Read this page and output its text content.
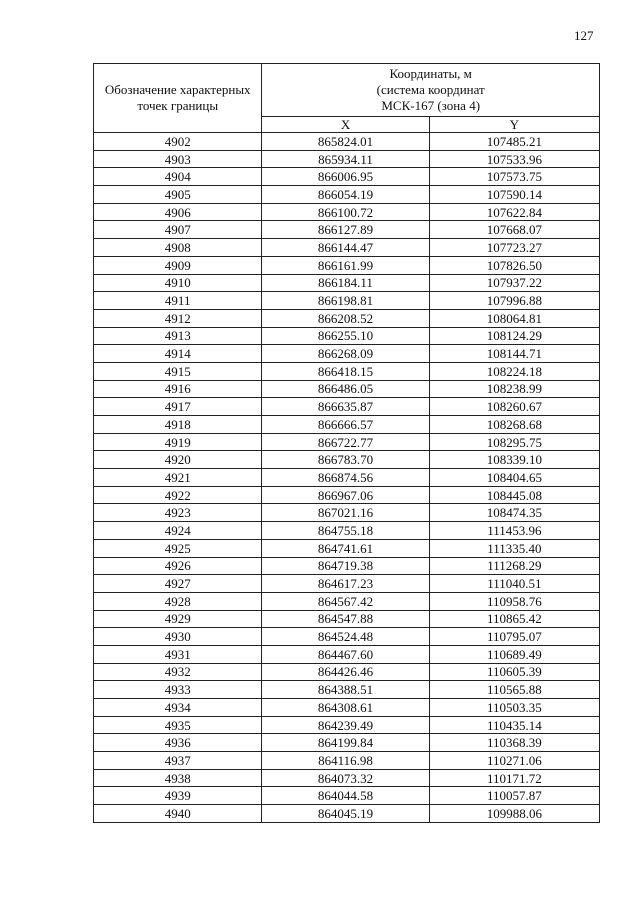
127
Обозначение характерных точек границы	Координаты, м
(система координат
МСК-167 (зона 4)	

	X	Y
4902	865824.01	107485.21
4903	865934.11	107533.96
4904	866006.95	107573.75
4905	866054.19	107590.14
4906	866100.72	107622.84
4907	866127.89	107668.07
4908	866144.47	107723.27
4909	866161.99	107826.50
4910	866184.11	107937.22
4911	866198.81	107996.88
4912	866208.52	108064.81
4913	866255.10	108124.29
4914	866268.09	108144.71
4915	866418.15	108224.18
4916	866486.05	108238.99
4917	866635.87	108260.67
4918	866666.57	108268.68
4919	866722.77	108295.75
4920	866783.70	108339.10
4921	866874.56	108404.65
4922	866967.06	108445.08
4923	867021.16	108474.35
4924	864755.18	111453.96
4925	864741.61	111335.40
4926	864719.38	111268.29
4927	864617.23	111040.51
4928	864567.42	110958.76
4929	864547.88	110865.42
4930	864524.48	110795.07
4931	864467.60	110689.49
4932	864426.46	110605.39
4933	864388.51	110565.88
4934	864308.61	110503.35
4935	864239.49	110435.14
4936	864199.84	110368.39
4937	864116.98	110271.06
4938	864073.32	110171.72
4939	864044.58	110057.87
4940	864045.19	109988.06
